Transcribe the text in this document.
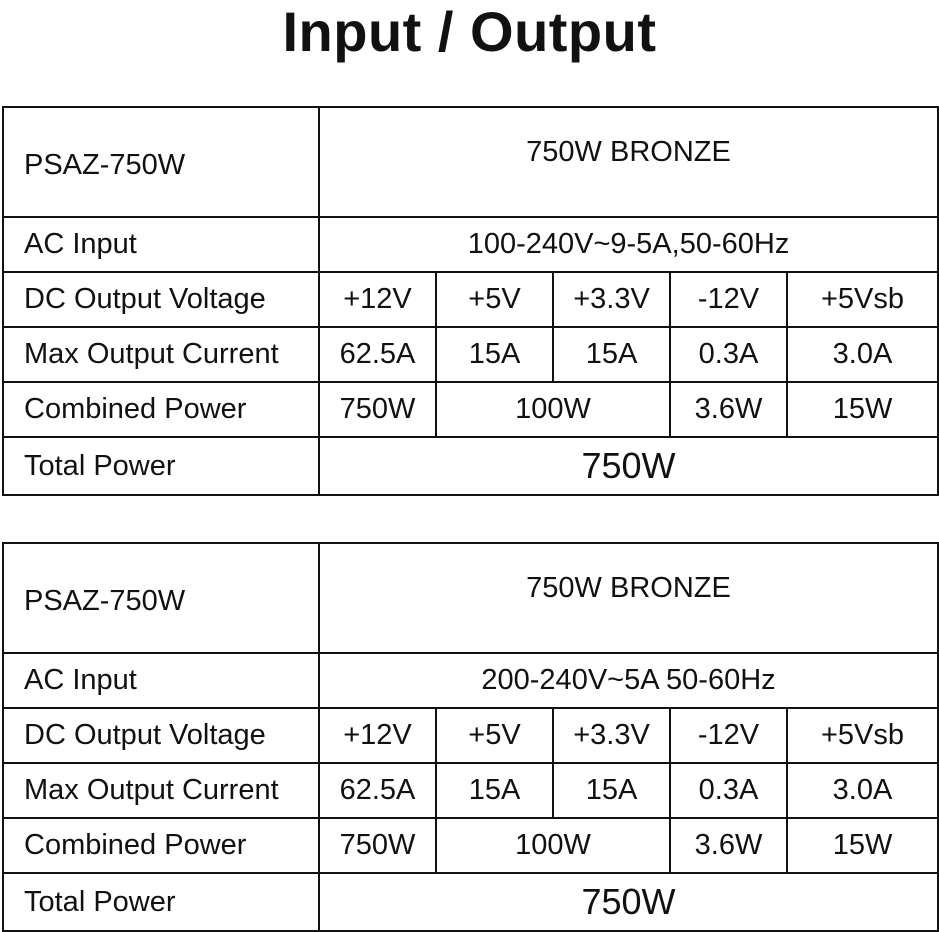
Input / Output
PSAZ-750W	750W BRONZE				
AC Input	100-240V~9-5A,50-60Hz				
DC Output Voltage	+12V	+5V	+3.3V	-12V	+5Vsb
Max Output Current	62.5A	15A	15A	0.3A	3.0A
Combined Power	750W	100W		3.6W	15W
Total Power	750W				
PSAZ-750W	750W BRONZE				
AC Input	200-240V~5A 50-60Hz				
DC Output Voltage	+12V	+5V	+3.3V	-12V	+5Vsb
Max Output Current	62.5A	15A	15A	0.3A	3.0A
Combined Power	750W	100W		3.6W	15W
Total Power	750W				
